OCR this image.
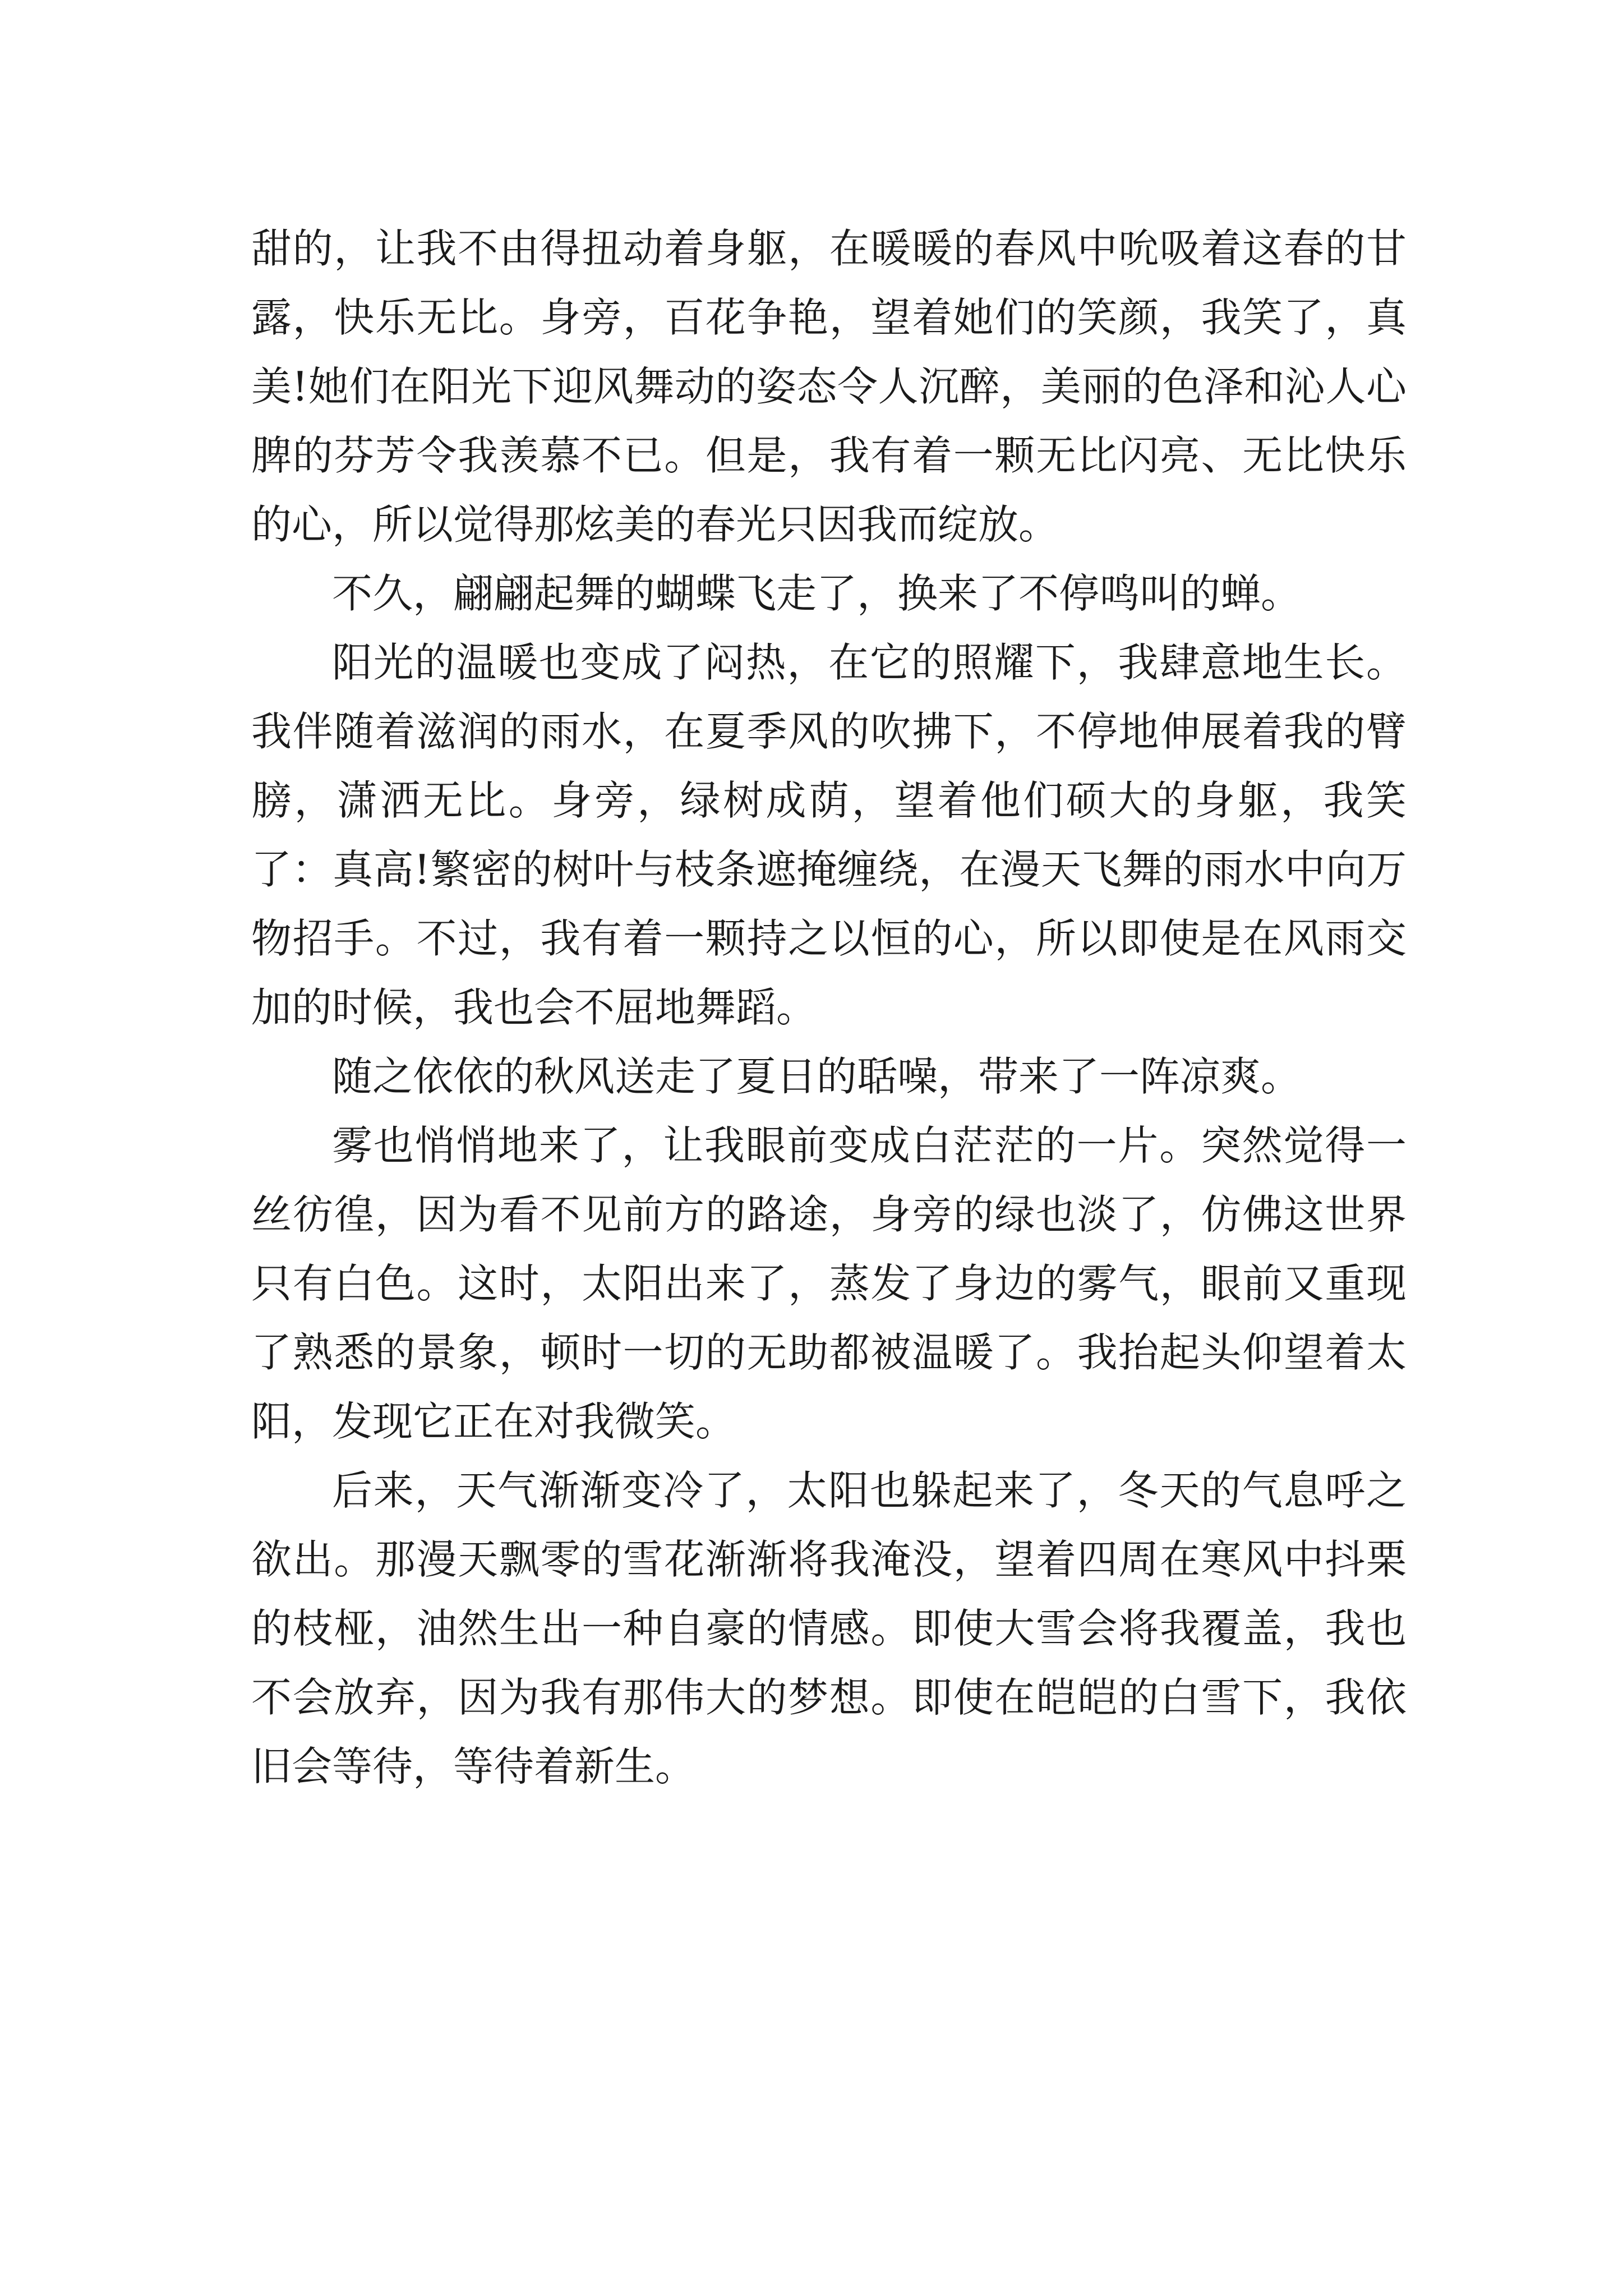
甜的，让我不由得扭动着身躯，在暖暖的春风中吮吸着这春的甘露，快乐无比。身旁，百花争艳，望着她们的笑颜，我笑了，真美!她们在阳光下迎风舞动的姿态令人沉醉，美丽的色泽和沁人心脾的芬芳令我羡慕不已。但是，我有着一颗无比闪亮、无比快乐的心，所以觉得那炫美的春光只因我而绽放。

不久，翩翩起舞的蝴蝶飞走了，换来了不停鸣叫的蝉。

阳光的温暖也变成了闷热，在它的照耀下，我肆意地生长。我伴随着滋润的雨水，在夏季风的吹拂下，不停地伸展着我的臂膀，潇洒无比。身旁，绿树成荫，望着他们硕大的身躯，我笑了：真高!繁密的树叶与枝条遮掩缠绕，在漫天飞舞的雨水中向万物招手。不过，我有着一颗持之以恒的心，所以即使是在风雨交加的时候，我也会不屈地舞蹈。

随之依依的秋风送走了夏日的聒噪，带来了一阵凉爽。

雾也悄悄地来了，让我眼前变成白茫茫的一片。突然觉得一丝彷徨，因为看不见前方的路途，身旁的绿也淡了，仿佛这世界只有白色。这时，太阳出来了，蒸发了身边的雾气，眼前又重现了熟悉的景象，顿时一切的无助都被温暖了。我抬起头仰望着太阳，发现它正在对我微笑。

后来，天气渐渐变冷了，太阳也躲起来了，冬天的气息呼之欲出。那漫天飘零的雪花渐渐将我淹没，望着四周在寒风中抖栗的枝桠，油然生出一种自豪的情感。即使大雪会将我覆盖，我也不会放弃，因为我有那伟大的梦想。即使在皑皑的白雪下，我依旧会等待，等待着新生。
